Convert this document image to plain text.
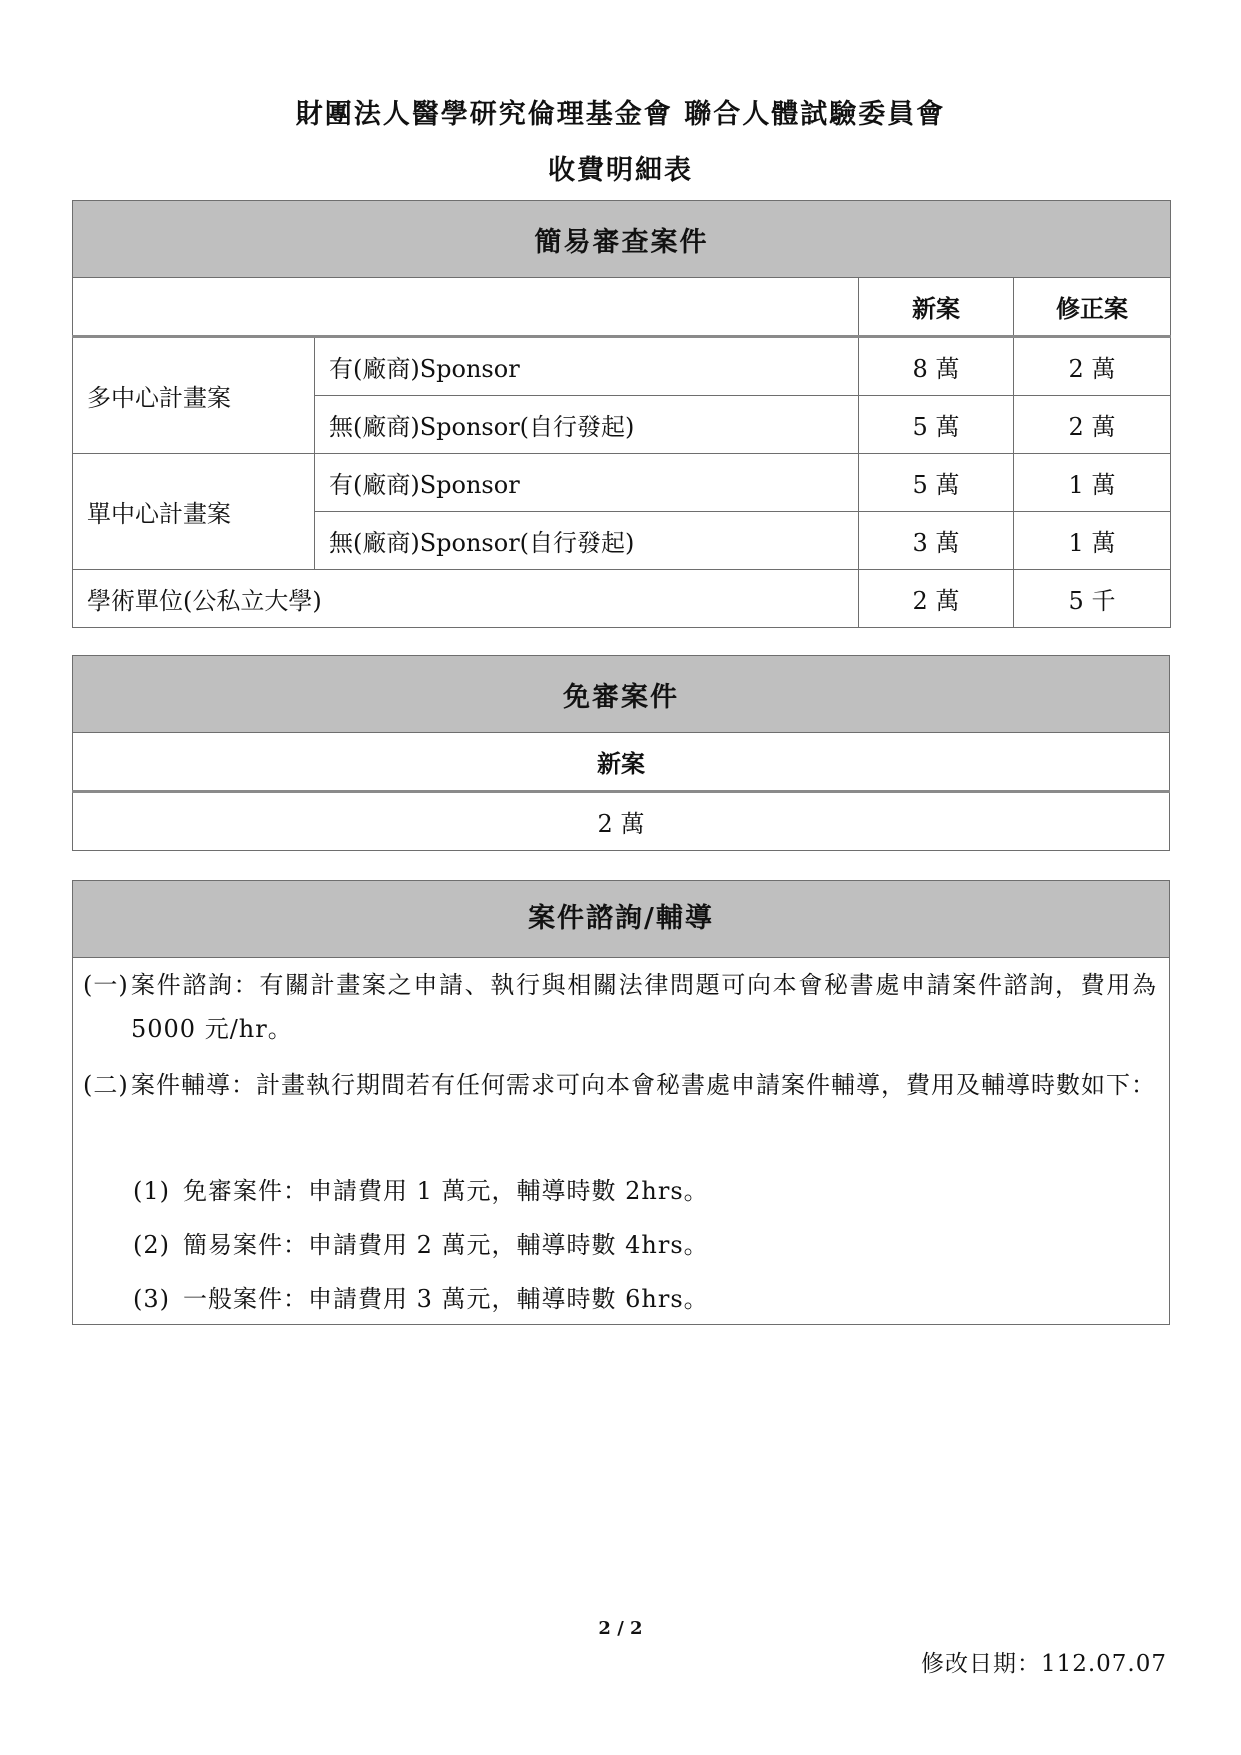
財團法人醫學研究倫理基金會 聯合人體試驗委員會
收費明細表
簡易審查案件			
		新案	修正案
多中心計畫案	有(廠商)Sponsor	8 萬	2 萬
	無(廠商)Sponsor(自行發起)	5 萬	2 萬
單中心計畫案	有(廠商)Sponsor	5 萬	1 萬
	無(廠商)Sponsor(自行發起)	3 萬	1 萬
學術單位(公私立大學)		2 萬	5 千
免審案件
新案
2 萬
案件諮詢/輔導
(一) 案件諮詢：有關計畫案之申請、執行與相關法律問題可向本會秘書處申請案件諮詢，費用為 5000 元/hr。
(二) 案件輔導：計畫執行期間若有任何需求可向本會秘書處申請案件輔導，費用及輔導時數如下：
(1) 免審案件：申請費用 1 萬元，輔導時數 2hrs。
(2) 簡易案件：申請費用 2 萬元，輔導時數 4hrs。
(3) 一般案件：申請費用 3 萬元，輔導時數 6hrs。
2 / 2
修改日期：112.07.07
